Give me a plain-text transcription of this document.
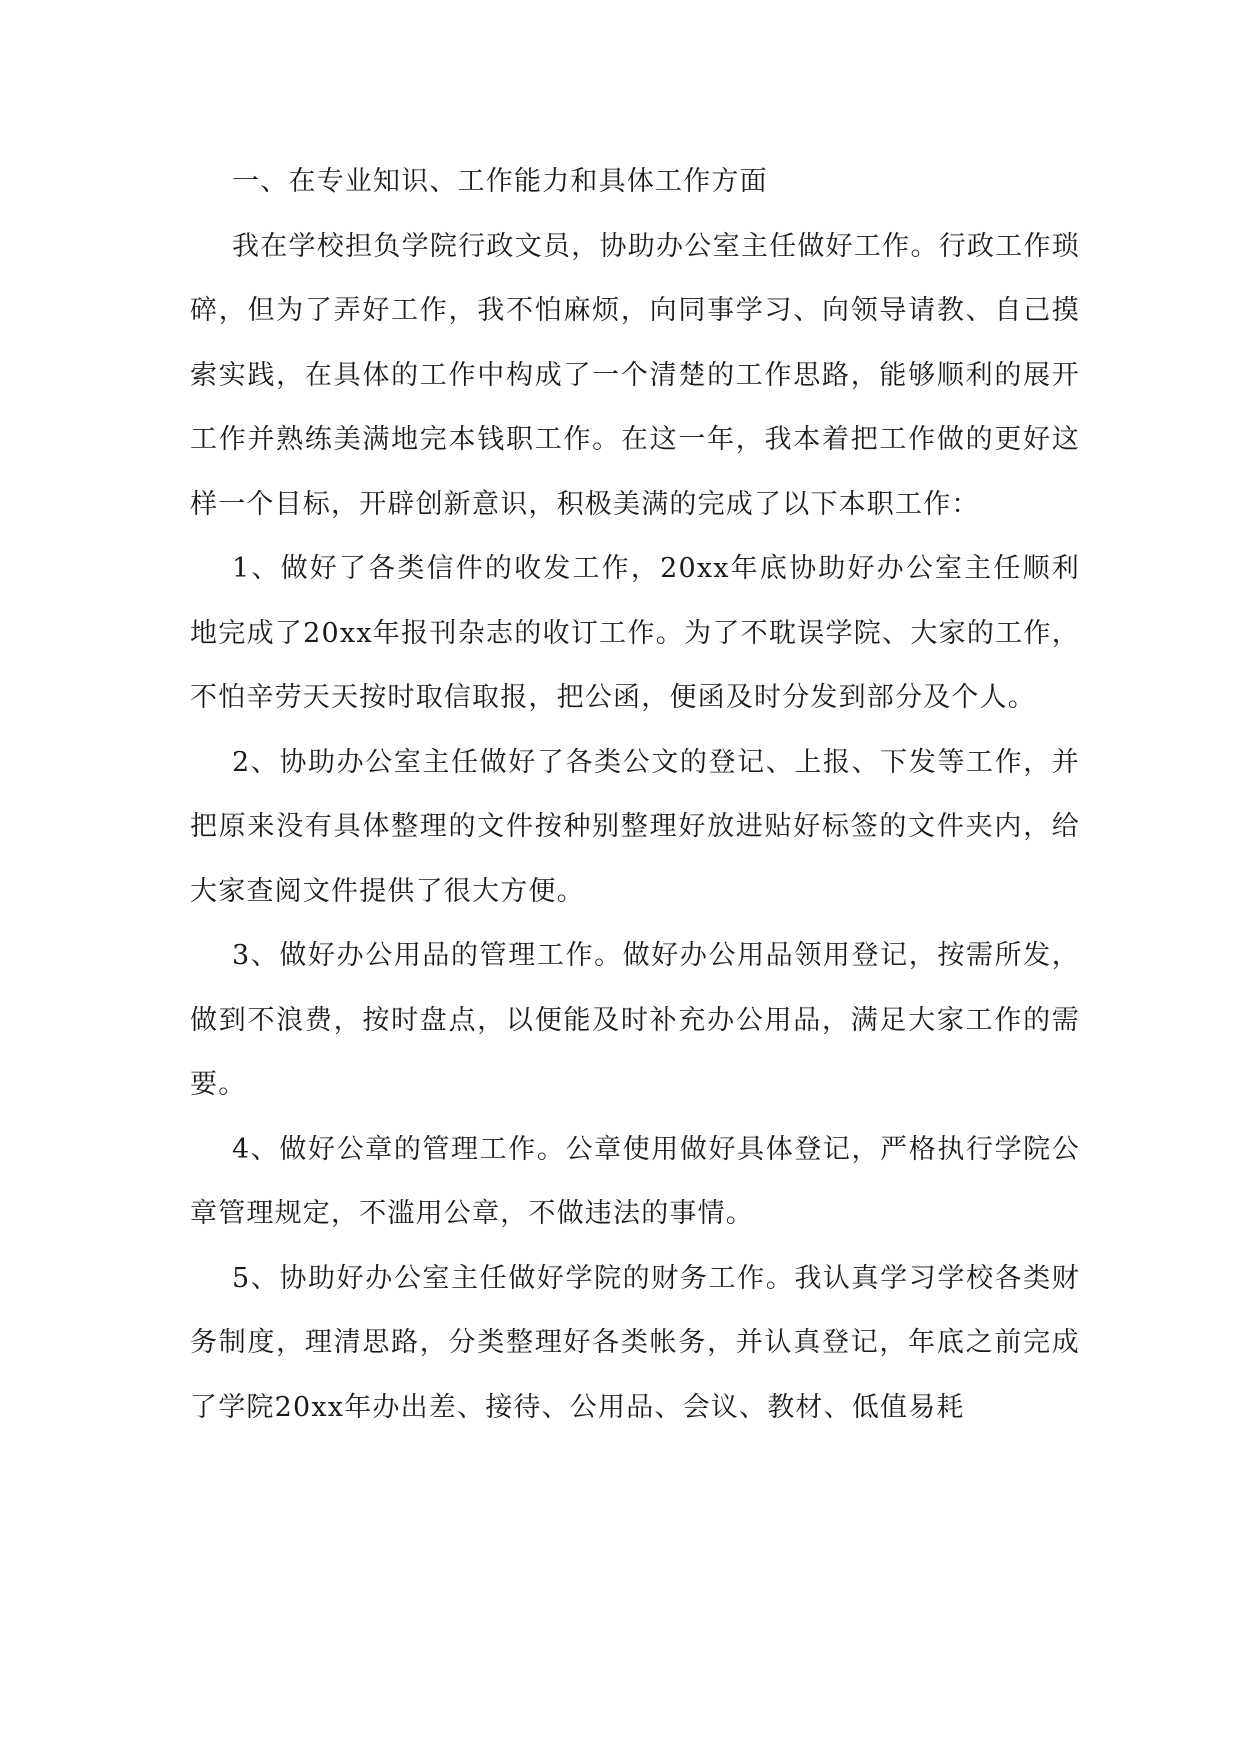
一、在专业知识、工作能力和具体工作方面

我在学校担负学院行政文员，协助办公室主任做好工作。行政工作琐碎，但为了弄好工作，我不怕麻烦，向同事学习、向领导请教、自己摸索实践，在具体的工作中构成了一个清楚的工作思路，能够顺利的展开工作并熟练美满地完本钱职工作。在这一年，我本着把工作做的更好这样一个目标，开辟创新意识，积极美满的完成了以下本职工作：

1、做好了各类信件的收发工作，20xx年底协助好办公室主任顺利地完成了20xx年报刊杂志的收订工作。为了不耽误学院、大家的工作，不怕辛劳天天按时取信取报，把公函，便函及时分发到部分及个人。

2、协助办公室主任做好了各类公文的登记、上报、下发等工作，并把原来没有具体整理的文件按种别整理好放进贴好标签的文件夹内，给大家查阅文件提供了很大方便。

3、做好办公用品的管理工作。做好办公用品领用登记，按需所发，做到不浪费，按时盘点，以便能及时补充办公用品，满足大家工作的需要。

4、做好公章的管理工作。公章使用做好具体登记，严格执行学院公章管理规定，不滥用公章，不做违法的事情。

5、协助好办公室主任做好学院的财务工作。我认真学习学校各类财务制度，理清思路，分类整理好各类帐务，并认真登记，年底之前完成了学院20xx年办出差、接待、公用品、会议、教材、低值易耗
